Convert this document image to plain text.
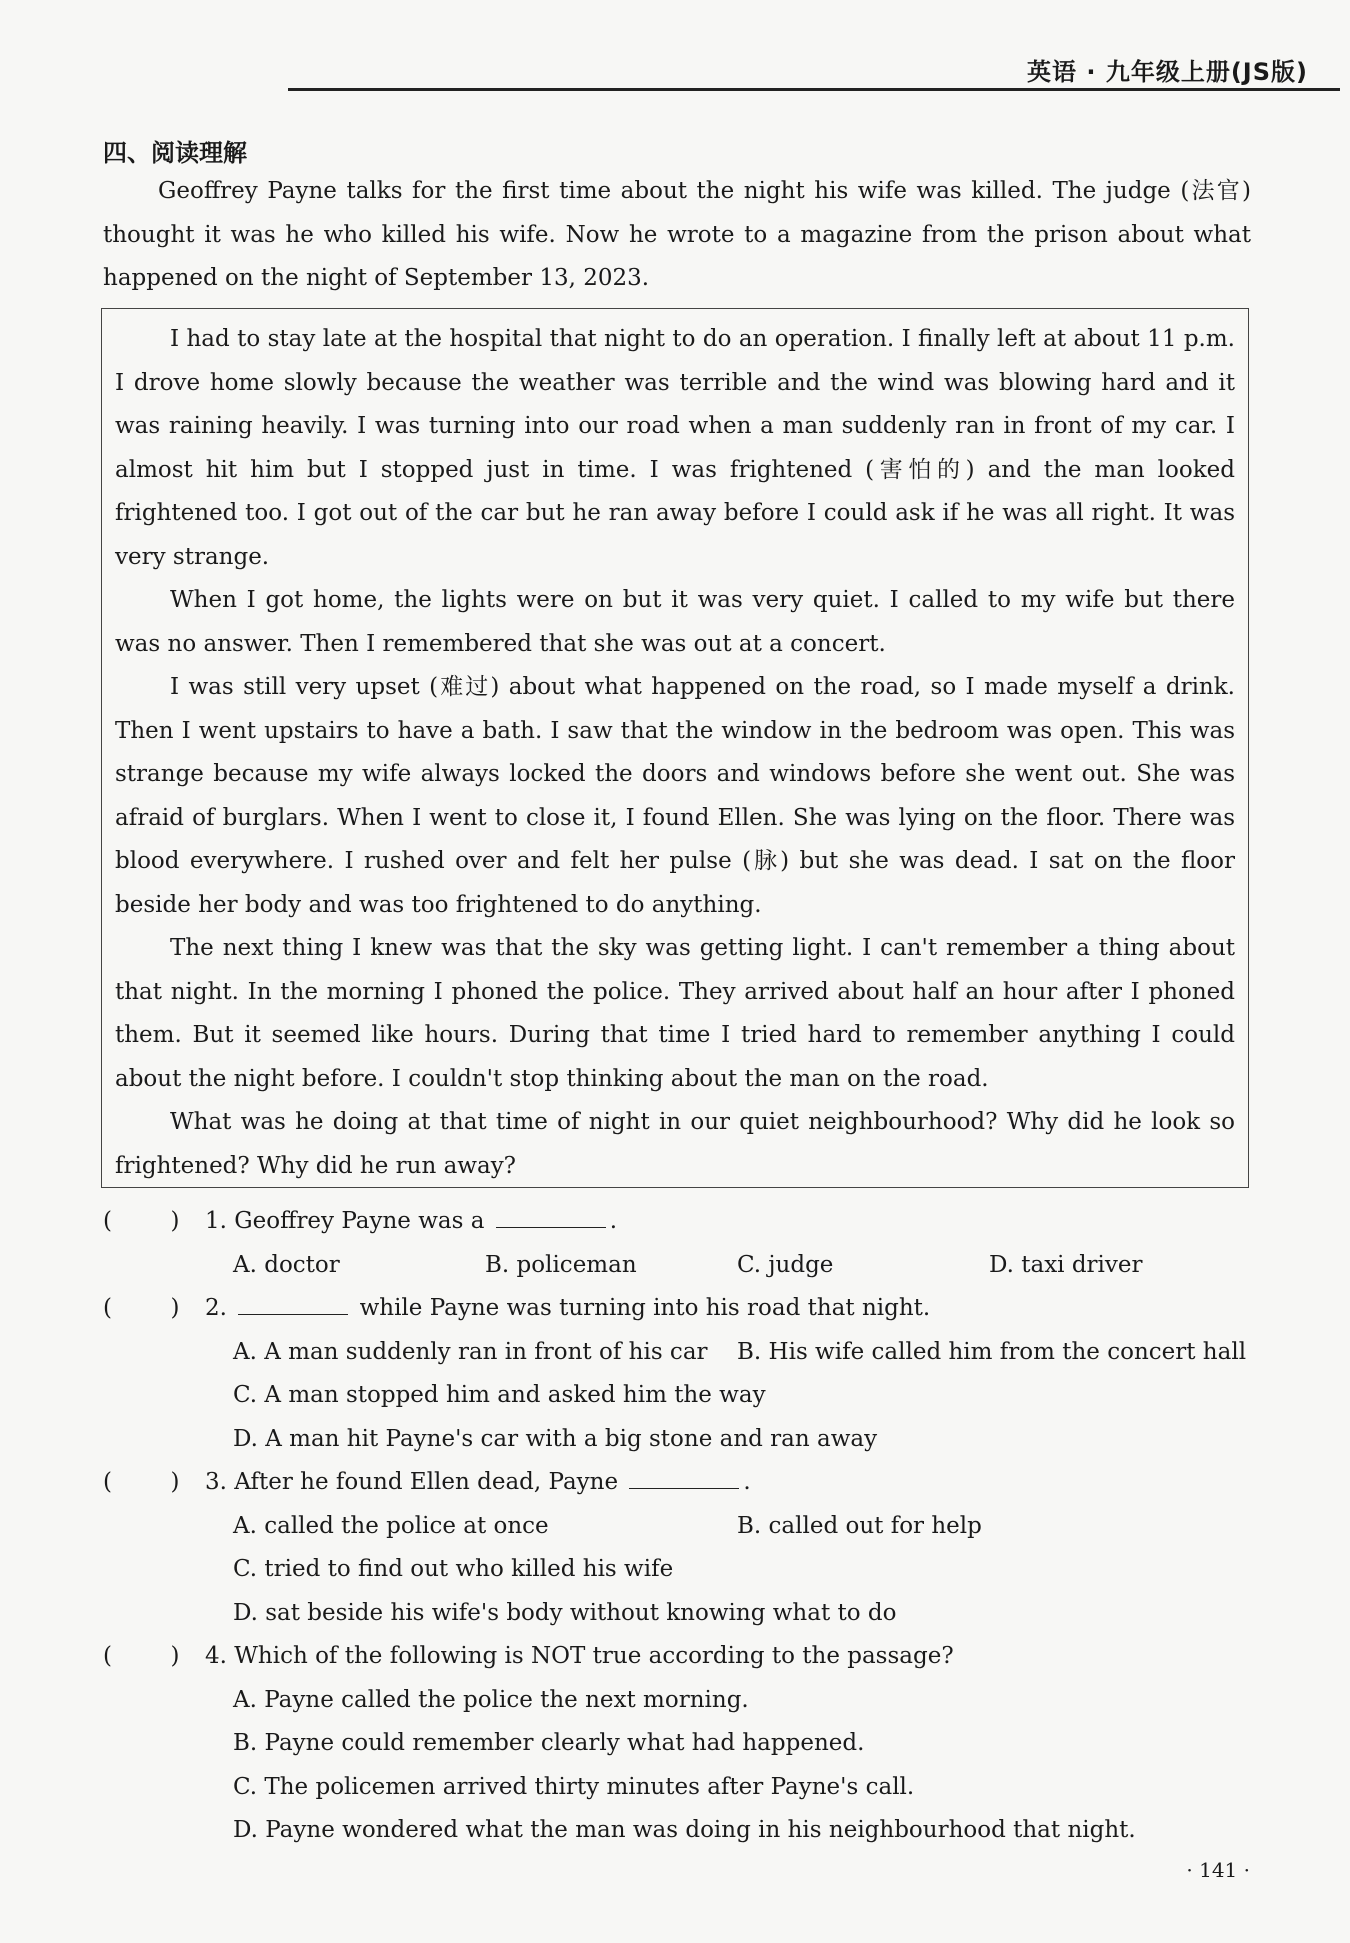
英语 · 九年级上册(JS版)
四、阅读理解

Geoffrey Payne talks for the first time about the night his wife was killed. The judge (法官) thought it was he who killed his wife. Now he wrote to a magazine from the prison about what happened on the night of September 13, 2023.

I had to stay late at the hospital that night to do an operation. I finally left at about 11 p.m. I drove home slowly because the weather was terrible and the wind was blowing hard and it was raining heavily. I was turning into our road when a man suddenly ran in front of my car. I almost hit him but I stopped just in time. I was frightened (害怕的) and the man looked frightened too. I got out of the car but he ran away before I could ask if he was all right. It was very strange.

When I got home, the lights were on but it was very quiet. I called to my wife but there was no answer. Then I remembered that she was out at a concert.

I was still very upset (难过) about what happened on the road, so I made myself a drink. Then I went upstairs to have a bath. I saw that the window in the bedroom was open. This was strange because my wife always locked the doors and windows before she went out. She was afraid of burglars. When I went to close it, I found Ellen. She was lying on the floor. There was blood everywhere. I rushed over and felt her pulse (脉) but she was dead. I sat on the floor beside her body and was too frightened to do anything.

The next thing I knew was that the sky was getting light. I can't remember a thing about that night. In the morning I phoned the police. They arrived about half an hour after I phoned them. But it seemed like hours. During that time I tried hard to remember anything I could about the night before. I couldn't stop thinking about the man on the road.

What was he doing at that time of night in our quiet neighbourhood? Why did he look so frightened? Why did he run away?

(        )	1. Geoffrey Payne was a	.
A. doctor	B. policeman	C. judge	D. taxi driver
(        )	2.	while Payne was turning into his road that night.
A. A man suddenly ran in front of his car	B. His wife called him from the concert hall
C. A man stopped him and asked him the way
D. A man hit Payne's car with a big stone and ran away
(        )	3. After he found Ellen dead, Payne	.
A. called the police at once	B. called out for help
C. tried to find out who killed his wife
D. sat beside his wife's body without knowing what to do
(        )	4. Which of the following is NOT true according to the passage?
A. Payne called the police the next morning.
B. Payne could remember clearly what had happened.
C. The policemen arrived thirty minutes after Payne's call.
D. Payne wondered what the man was doing in his neighbourhood that night.
· 141 ·
